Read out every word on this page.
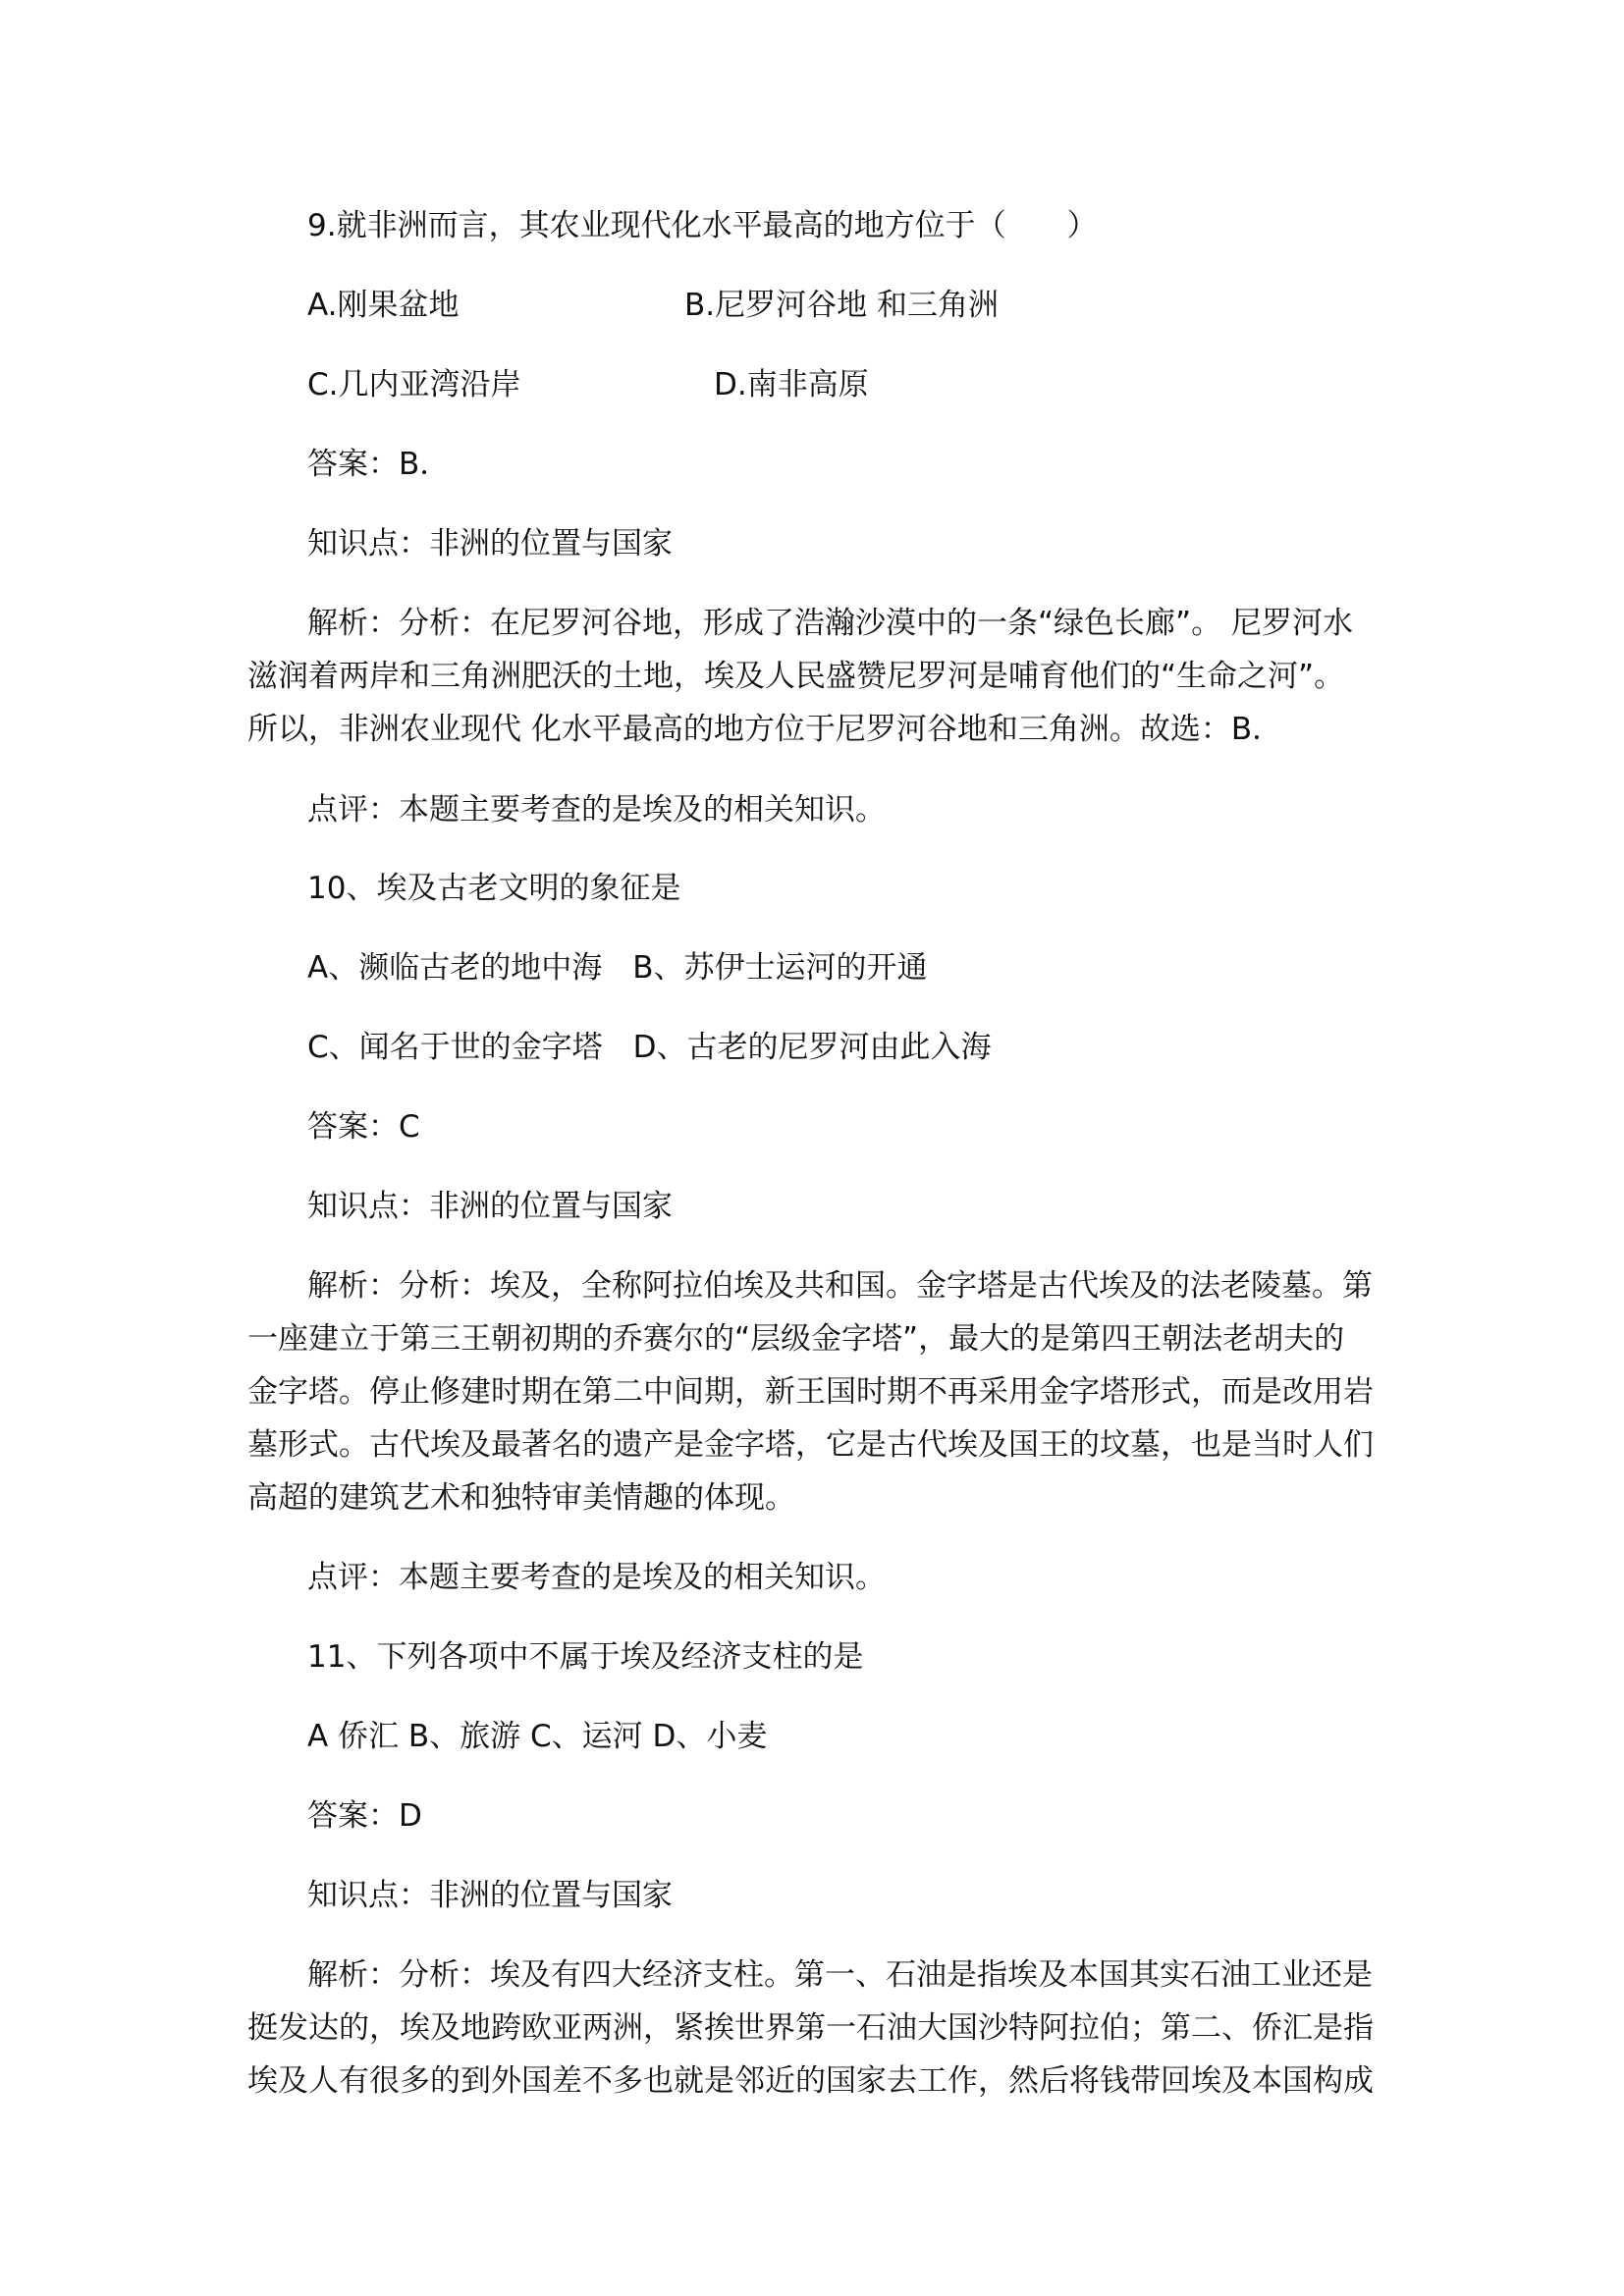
9.就非洲而言，其农业现代化水平最高的地方位于（　　）
A.刚果盆地	B.尼罗河谷地 和三角洲
C.几内亚湾沿岸	D.南非高原
答案：B．
知识点：非洲的位置与国家
解析：分析：在尼罗河谷地，形成了浩瀚沙漠中的一条“绿色长廊”。 尼罗河水
滋润着两岸和三角洲肥沃的土地，埃及人民盛赞尼罗河是哺育他们的“生命之河”。
所以，非洲农业现代 化水平最高的地方位于尼罗河谷地和三角洲。故选：B．
点评：本题主要考查的是埃及的相关知识。
10、埃及古老文明的象征是
A、濒临古老的地中海　B、苏伊士运河的开通
C、闻名于世的金字塔　D、古老的尼罗河由此入海
答案：C
知识点：非洲的位置与国家
解析：分析：埃及，全称阿拉伯埃及共和国。金字塔是古代埃及的法老陵墓。第
一座建立于第三王朝初期的乔赛尔的“层级金字塔”，最大的是第四王朝法老胡夫的
金字塔。停止修建时期在第二中间期，新王国时期不再采用金字塔形式，而是改用岩
墓形式。古代埃及最著名的遗产是金字塔，它是古代埃及国王的坟墓，也是当时人们
高超的建筑艺术和独特审美情趣的体现。
点评：本题主要考查的是埃及的相关知识。
11、下列各项中不属于埃及经济支柱的是
A 侨汇 B、旅游 C、运河 D、小麦
答案：D
知识点：非洲的位置与国家
解析：分析：埃及有四大经济支柱。第一、石油是指埃及本国其实石油工业还是
挺发达的，埃及地跨欧亚两洲，紧挨世界第一石油大国沙特阿拉伯；第二、侨汇是指
埃及人有很多的到外国差不多也就是邻近的国家去工作，然后将钱带回埃及本国构成
